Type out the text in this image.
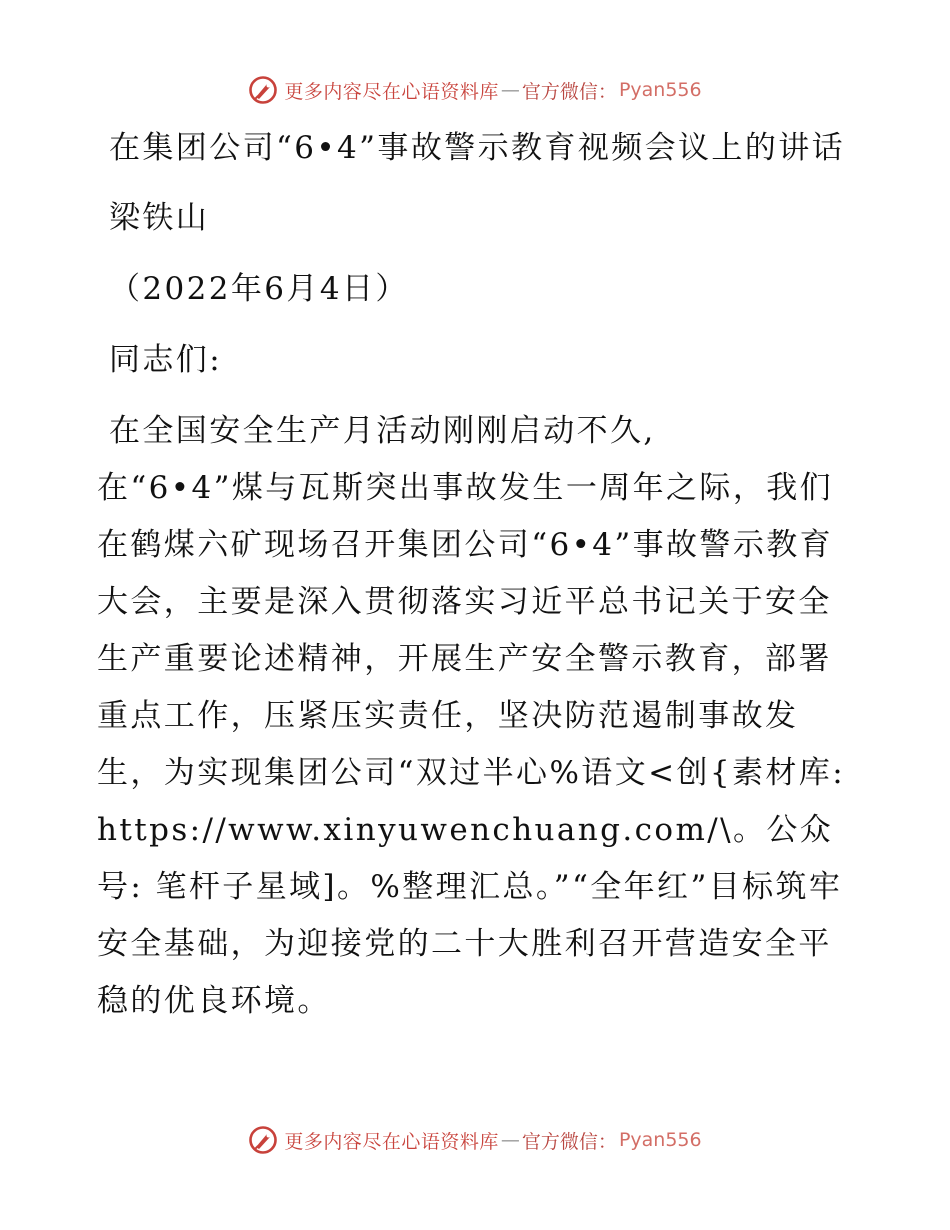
更多内容尽在心语资料库 — 官方微信： Pyan556

在集团公司“6•4”事故警示教育视频会议上的讲话

梁铁山

（2022年6月4日）

同志们:

在全国安全生产月活动刚刚启动不久,

在“6•4”煤与瓦斯突出事故发生一周年之际，我们在鹤煤六矿现场召开集团公司“6•4”事故警示教育大会，主要是深入贯彻落实习近平总书记关于安全生产重要论述精神，开展生产安全警示教育，部署重点工作，压紧压实责任，坚决防范遏制事故发生，为实现集团公司“双过半心%语文<创{素材库: https://www.xinyuwenchuang.com/\。公众号: 笔杆子星域]。%整理汇总。”“全年红”目标筑牢安全基础，为迎接党的二十大胜利召开营造安全平稳的优良环境。

更多内容尽在心语资料库 — 官方微信： Pyan556
